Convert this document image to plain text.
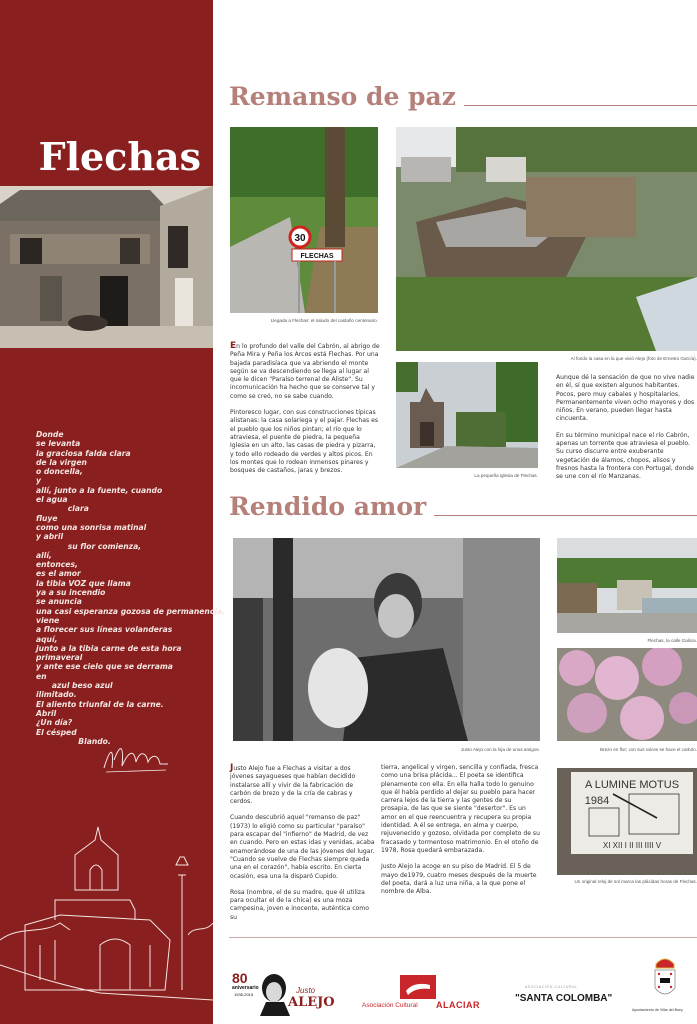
Flechas
Donde
se levanta
la graciosa falda clara
de la virgen
o doncella,
y
allí, junto a la fuente, cuando
el agua
clara
fluye
como una sonrisa matinal
y abril
su flor comienza,
allí,
entonces,
es el amor
la tibia VOZ que llama
ya a su incendio
se anuncia
una casi esperanza gozosa de permanencia,
viene
a florecer sus líneas volanderas
aquí,
junto a la tibia carne de esta hora
primaveral
y ante ese cielo que se derrama
en
azul beso azul
ilimitado.
El aliento triunfal de la carne.
Abril
¿Un día?
El césped
Blando.
Remanso de paz
30
FLECHAS
Llegada a Flechas: el saludo del castaño centenario.
Al fondo la casa en la que vivió Alejo (foto de Ernesto García).
La pequeña iglesia de Flechas.

En lo profundo del valle del Cabrón, al abrigo de Peña Mira y Peña los Arcos está Flechas. Por una bajada paradisíaca que va abriendo el monte según se va descendiendo se llega al lugar al que le dicen "Paraíso terrenal de Aliste". Su incomunicación ha hecho que se conserve tal y como se creó, no se sabe cuando.

Pintoresco lugar, con sus construcciones típicas alistanas: la casa solariega y el pajar. Flechas es el pueblo que los niños pintan; el río que lo atraviesa, el puente de piedra, la pequeña Iglesia en un alto, las casas de piedra y pizarra, y todo ello rodeado de verdes y altos picos. En los montes que lo rodean inmensos pinares y bosques de castaños, jaras y brezos.

Aunque dé la sensación de que no vive nadie en él, sí que existen algunos habitantes. Pocos, pero muy cabales y hospitalarios. Permanentemente viven ocho mayores y dos niños. En verano, pueden llegar hasta cincuenta.

En su término municipal nace el río Cabrón, apenas un torrente que atraviesa el pueblo. Su curso discurre entre exuberante vegetación de álamos, chopos, alisos y fresnos hasta la frontera con Portugal, donde se une con el río Manzanas.

Rendido amor
Justo Alejo con la hija de unos amigos.
Flechas, la calle Galicia.
Brezo en flor; con sus raíces se hace el carbón.
A LUMINE MOTUS
1984
XI XII I II III IIII V
Un original reloj de sol marca las plácidas horas de Flechas.

Justo Alejo fue a Flechas a visitar a dos jóvenes sayagueses que habían decidido instalarse allí y vivir de la fabricación de carbón de brezo y de la cría de cabras y cerdos.

Cuando descubrió aquel "remanso de paz" (1973) lo eligió como su particular "paraíso" para escapar del "infierno" de Madrid, de vez en cuando. Pero en estas idas y venidas, acaba enamorándose de una de las jóvenes del lugar. "Cuando se vuelve de Flechas siempre queda una en el corazón", había escrito. En cierta ocasión, esa una la disparó Cupido.

Rosa (nombre, el de su madre, que él utiliza para ocultar el de la chica) es una moza campesina, joven e inocente, auténtica como su

tierra, angelical y virgen, sencilla y confiada, fresca como una brisa plácida... El poeta se identifica plenamente con ella. En ella halla todo lo genuino que él había perdido al dejar su pueblo para hacer carrera lejos de la tierra y las gentes de su prosapia, de las que se siente "desertor". Es un amor en el que reencuentra y recupera su propia identidad. A él se entrega, en alma y cuerpo, rejuvenecido y gozoso, olvidada por completo de su fracasado y tormentoso matrimonio. En el otoño de 1978, Rosa quedará embarazada.

Justo Alejo la acoge en su piso de Madrid. El 5 de mayo de1979, cuatro meses después de la muerte del poeta, dará a luz una niña, a la que pone el nombre de Alba.

80
aniversario
1935-2015	Justo
ALEJO	Asociación Cultural ALACIAR
ASOCIACIÓN CULTURAL
"SANTA COLOMBA"
Ayuntamiento de Villar del Buey
